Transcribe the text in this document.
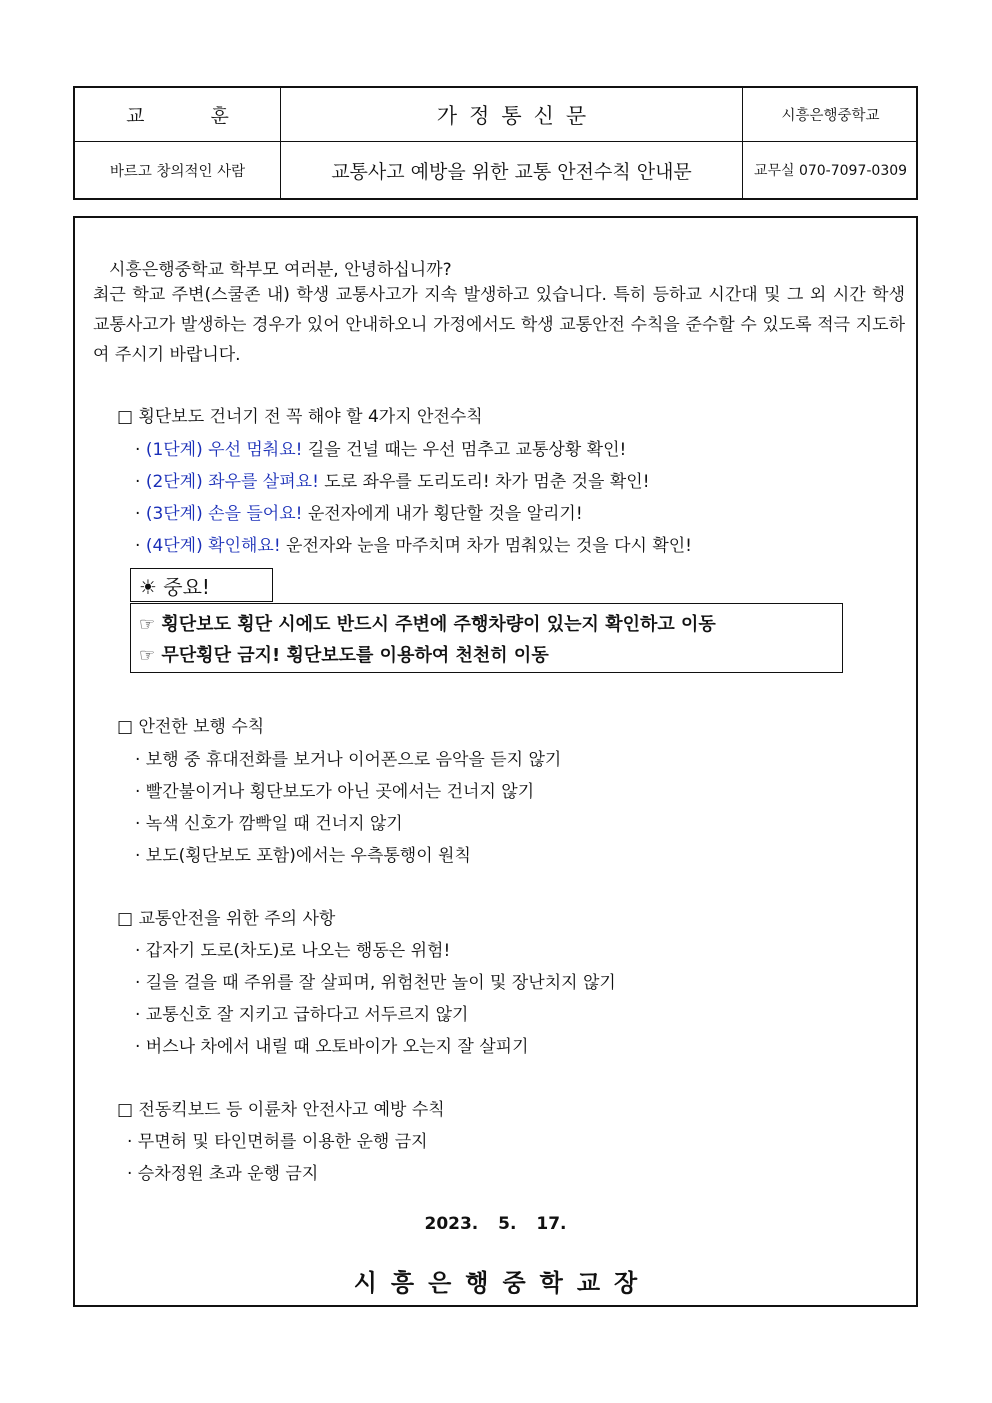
교 훈	가정통신문	시흥은행중학교
바르고 창의적인 사람	교통사고 예방을 위한 교통 안전수칙 안내문	교무실 070-7097-0309
시흥은행중학교 학부모 여러분, 안녕하십니까?
최근 학교 주변(스쿨존 내) 학생 교통사고가 지속 발생하고 있습니다. 특히 등하교 시간대 및 그 외 시간 학생 교통사고가 발생하는 경우가 있어 안내하오니 가정에서도 학생 교통안전 수칙을 준수할 수 있도록 적극 지도하여 주시기 바랍니다.
□ 횡단보도 건너기 전 꼭 해야 할 4가지 안전수칙
· (1단계) 우선 멈춰요! 길을 건널 때는 우선 멈추고 교통상황 확인!
· (2단계) 좌우를 살펴요! 도로 좌우를 도리도리! 차가 멈춘 것을 확인!
· (3단계) 손을 들어요! 운전자에게 내가 횡단할 것을 알리기!
· (4단계) 확인해요! 운전자와 눈을 마주치며 차가 멈춰있는 것을 다시 확인!
☀ 중요!
☞ 횡단보도 횡단 시에도 반드시 주변에 주행차량이 있는지 확인하고 이동
☞ 무단횡단 금지! 횡단보도를 이용하여 천천히 이동
□ 안전한 보행 수칙
· 보행 중 휴대전화를 보거나 이어폰으로 음악을 듣지 않기
· 빨간불이거나 횡단보도가 아닌 곳에서는 건너지 않기
· 녹색 신호가 깜빡일 때 건너지 않기
· 보도(횡단보도 포함)에서는 우측통행이 원칙
□ 교통안전을 위한 주의 사항
· 갑자기 도로(차도)로 나오는 행동은 위험!
· 길을 걸을 때 주위를 잘 살피며, 위험천만 놀이 및 장난치지 않기
· 교통신호 잘 지키고 급하다고 서두르지 않기
· 버스나 차에서 내릴 때 오토바이가 오는지 잘 살피기
□ 전동킥보드 등 이륜차 안전사고 예방 수칙
· 무면허 및 타인면허를 이용한 운행 금지
· 승차정원 초과 운행 금지
2023. 5. 17.
시흥은행중학교장
